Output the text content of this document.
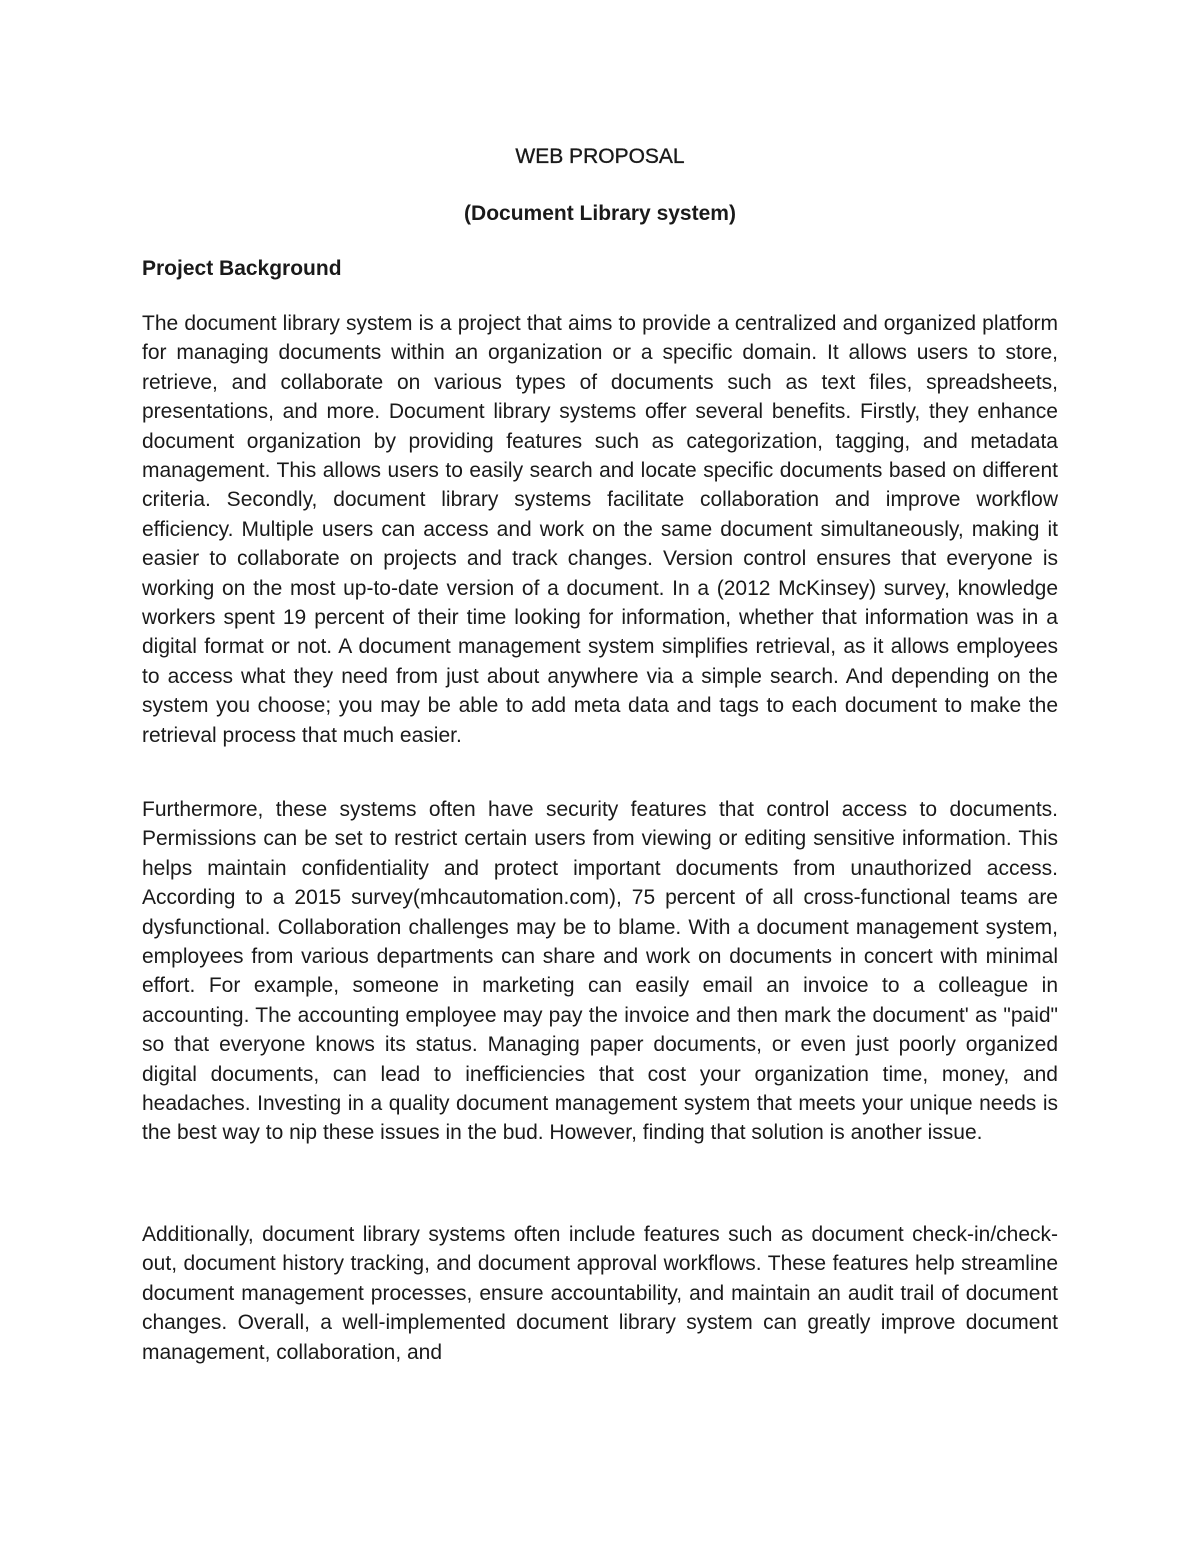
WEB PROPOSAL
(Document Library system)
Project Background

The document library system is a project that aims to provide a centralized and organized platform for managing documents within an organization or a specific domain. It allows users to store, retrieve, and collaborate on various types of documents such as text files, spreadsheets, presentations, and more. Document library systems offer several benefits. Firstly, they enhance document organization by providing features such as categorization, tagging, and metadata management. This allows users to easily search and locate specific documents based on different criteria. Secondly, document library systems facilitate collaboration and improve workflow efficiency. Multiple users can access and work on the same document simultaneously, making it easier to collaborate on projects and track changes. Version control ensures that everyone is working on the most up-to-date version of a document. In a (2012 McKinsey) survey, knowledge workers spent 19 percent of their time looking for information, whether that information was in a digital format or not. A document management system simplifies retrieval, as it allows employees to access what they need from just about anywhere via a simple search. And depending on the system you choose; you may be able to add meta data and tags to each document to make the retrieval process that much easier.

Furthermore, these systems often have security features that control access to documents. Permissions can be set to restrict certain users from viewing or editing sensitive information. This helps maintain confidentiality and protect important documents from unauthorized access. According to a 2015 survey(mhcautomation.com), 75 percent of all cross-functional teams are dysfunctional. Collaboration challenges may be to blame. With a document management system, employees from various departments can share and work on documents in concert with minimal effort. For example, someone in marketing can easily email an invoice to a colleague in accounting. The accounting employee may pay the invoice and then mark the document' as "paid" so that everyone knows its status. Managing paper documents, or even just poorly organized digital documents, can lead to inefficiencies that cost your organization time, money, and headaches. Investing in a quality document management system that meets your unique needs is the best way to nip these issues in the bud. However, finding that solution is another issue.

Additionally, document library systems often include features such as document check-in/check-out, document history tracking, and document approval workflows. These features help streamline document management processes, ensure accountability, and maintain an audit trail of document changes. Overall, a well-implemented document library system can greatly improve document management, collaboration, and
